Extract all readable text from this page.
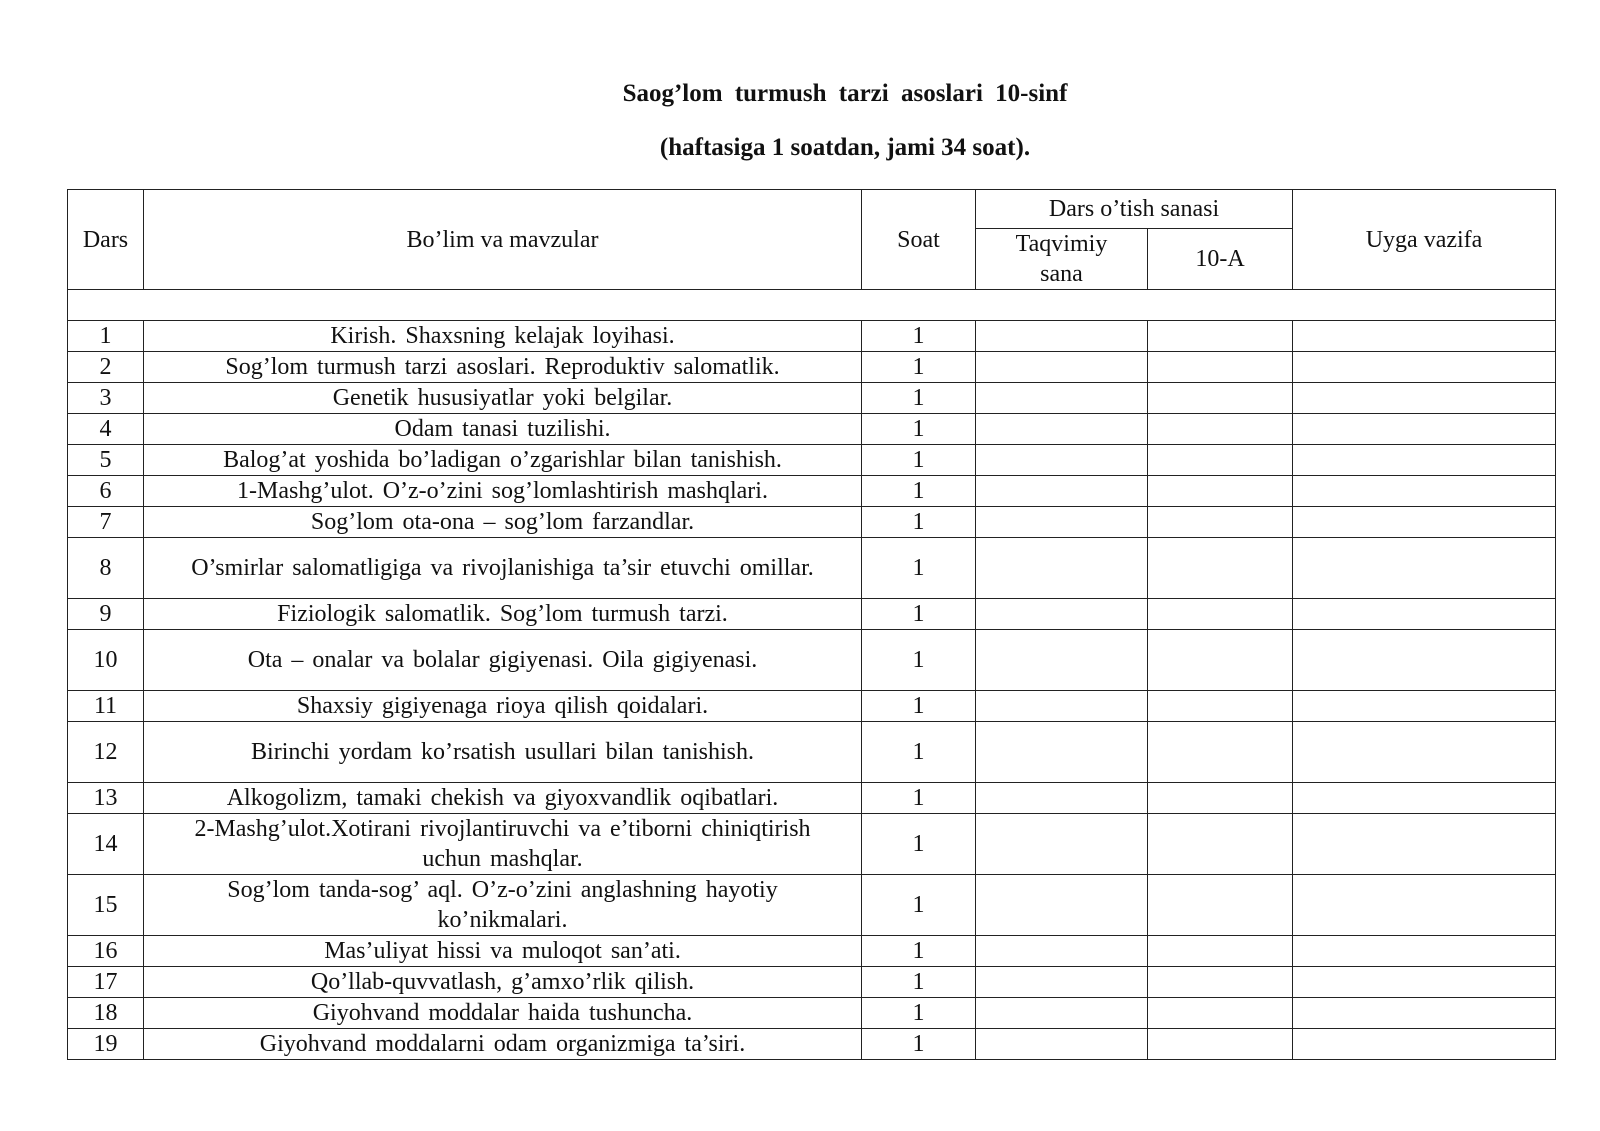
Saog’lom turmush tarzi asoslari 10-sinf
(haftasiga 1 soatdan, jami 34 soat).
Dars	Bo’lim va mavzular	Soat	Dars o’tish sanasi		Uyga vazifa
			Taqvimiy sana	10-A	

1	Kirish. Shaxsning kelajak loyihasi.	1			
2	Sog’lom turmush tarzi asoslari. Reproduktiv salomatlik.	1			
3	Genetik hususiyatlar yoki belgilar.	1			
4	Odam tanasi tuzilishi.	1			
5	Balog’at yoshida bo’ladigan o’zgarishlar bilan tanishish.	1			
6	1-Mashg’ulot. O’z-o’zini sog’lomlashtirish mashqlari.	1			
7	Sog’lom ota-ona – sog’lom farzandlar.	1			
8	O’smirlar salomatligiga va rivojlanishiga ta’sir etuvchi omillar.	1			
9	Fiziologik salomatlik. Sog’lom turmush tarzi.	1			
10	Ota – onalar va bolalar gigiyenasi. Oila gigiyenasi.	1			
11	Shaxsiy gigiyenaga rioya qilish qoidalari.	1			
12	Birinchi yordam ko’rsatish usullari bilan tanishish.	1			
13	Alkogolizm, tamaki chekish va giyoxvandlik oqibatlari.	1			
14	2-Mashg’ulot.Xotirani rivojlantiruvchi va e’tiborni chiniqtirish uchun mashqlar.	1			
15	Sog’lom tanda-sog’ aql. O’z-o’zini anglashning hayotiy ko’nikmalari.	1			
16	Mas’uliyat hissi va muloqot san’ati.	1			
17	Qo’llab-quvvatlash, g’amxo’rlik qilish.	1			
18	Giyohvand moddalar haida tushuncha.	1			
19	Giyohvand moddalarni odam organizmiga ta’siri.	1			
